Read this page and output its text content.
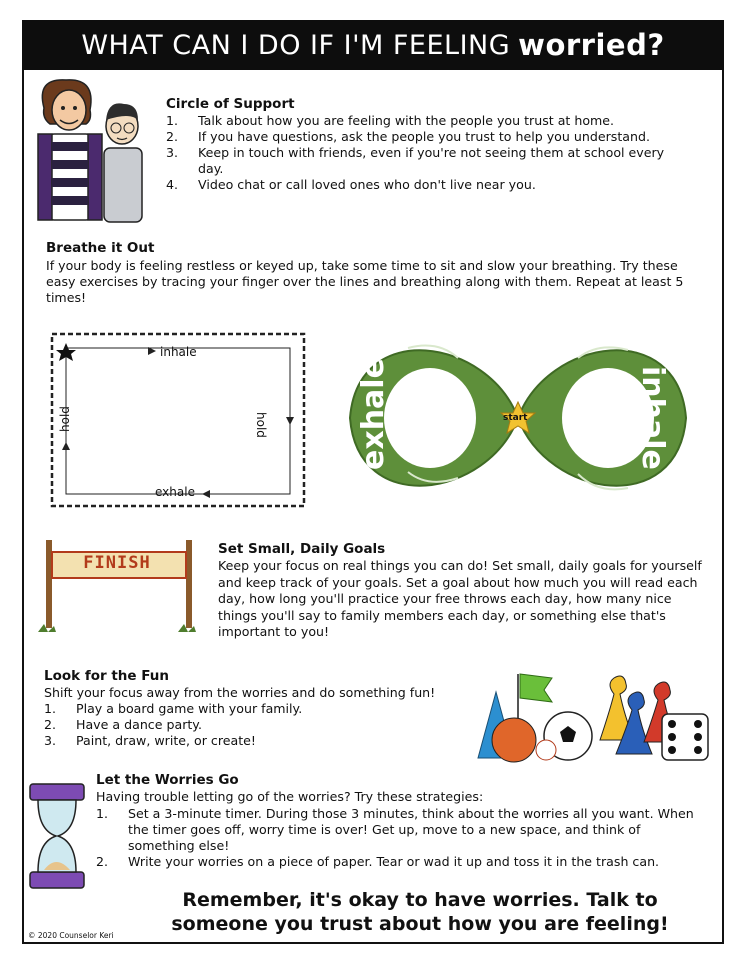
WHAT CAN I DO IF I'M FEELING worried?
Circle of Support
1.	Talk about how you are feeling with the people you trust at home.
2.	If you have questions, ask the people you trust to help you understand.
3.	Keep in touch with friends, even if you're not seeing them at school every day.
4.	Video chat or call loved ones who don't live near you.
Breathe it Out
If your body is feeling restless or keyed up, take some time to sit and slow your breathing. Try these easy exercises by tracing your finger over the lines and breathing along with them. Repeat at least 5 times!
inhale
hold
exhale
hold	exhale	inhale
start
FINISH
Set Small, Daily Goals
Keep your focus on real things you can do! Set small, daily goals for yourself and keep track of your goals. Set a goal about how much you will read each day, how long you'll practice your free throws each day, how many nice things you'll say to family members each day, or something else that's important to you!
Look for the Fun
Shift your focus away from the worries and do something fun!
1.	Play a board game with your family.
2.	Have a dance party.
3.	Paint, draw, write, or create!
Let the Worries Go
Having trouble letting go of the worries? Try these strategies:
1.	Set a 3-minute timer. During those 3 minutes, think about the worries all you want. When the timer goes off, worry time is over! Get up, move to a new space, and think of something else!
2.	Write your worries on a piece of paper. Tear or wad it up and toss it in the trash can.
Remember, it's okay to have worries. Talk to
someone you trust about how you are feeling!
© 2020 Counselor Keri
